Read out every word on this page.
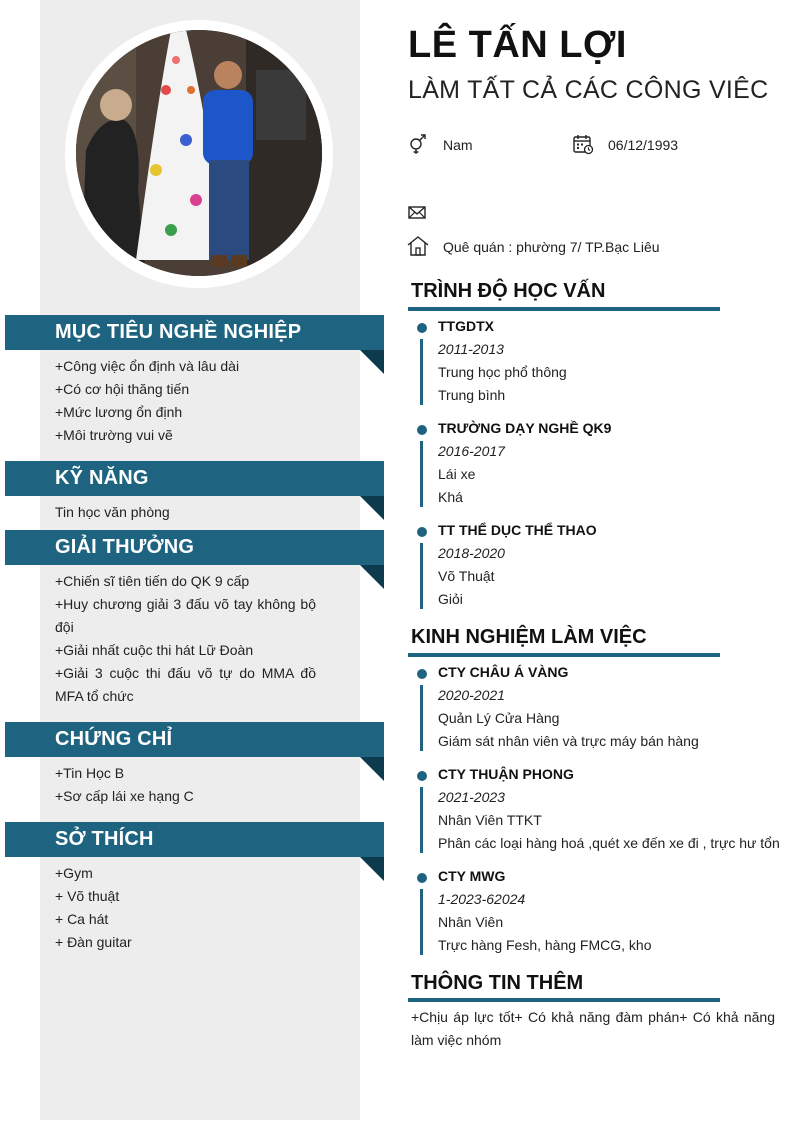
MỤC TIÊU NGHỀ NGHIỆP
+Công việc ổn định và lâu dài
+Có cơ hội thăng tiến
+Mức lương ổn định
+Môi trường vui vẽ
KỸ NĂNG
Tin học văn phòng
GIẢI THƯỞNG
+Chiến sĩ tiên tiến do QK 9 cấp
+Huy chương giải 3 đấu võ tay không bộ đội
+Giải nhất cuộc thi hát Lữ Đoàn
+Giải 3 cuộc thi đấu võ tự do MMA đồ MFA tổ chức
CHỨNG CHỈ
+Tin Học B
+Sơ cấp lái xe hạng C
SỞ THÍCH
+Gym
+ Võ thuật
+ Ca hát
+ Đàn guitar
LÊ TẤN LỢI
LÀM TẤT CẢ CÁC CÔNG VIÊC
Nam	06/12/1993
Quê quán : phường 7/ TP.Bạc Liêu
TRÌNH ĐỘ HỌC VẤN
TTGDTX
2011-2013
Trung học phổ thông
Trung bình
TRƯỜNG DẠY NGHỀ QK9
2016-2017
Lái xe
Khá
TT THỂ DỤC THỂ THAO
2018-2020
Võ Thuật
Giỏi
KINH NGHIỆM LÀM VIỆC
CTY CHÂU Á VÀNG
2020-2021
Quản Lý Cửa Hàng
Giám sát nhân viên và trực máy bán hàng
CTY THUẬN PHONG
2021-2023
Nhân Viên TTKT
Phân các loại hàng hoá ,quét xe đến xe đi , trực hư tổn
CTY MWG
1-2023-62024
Nhân Viên
Trực hàng Fesh, hàng FMCG, kho
THÔNG TIN THÊM
+Chịu áp lực tốt+ Có khả năng đàm phán+ Có khả năng làm việc nhóm
